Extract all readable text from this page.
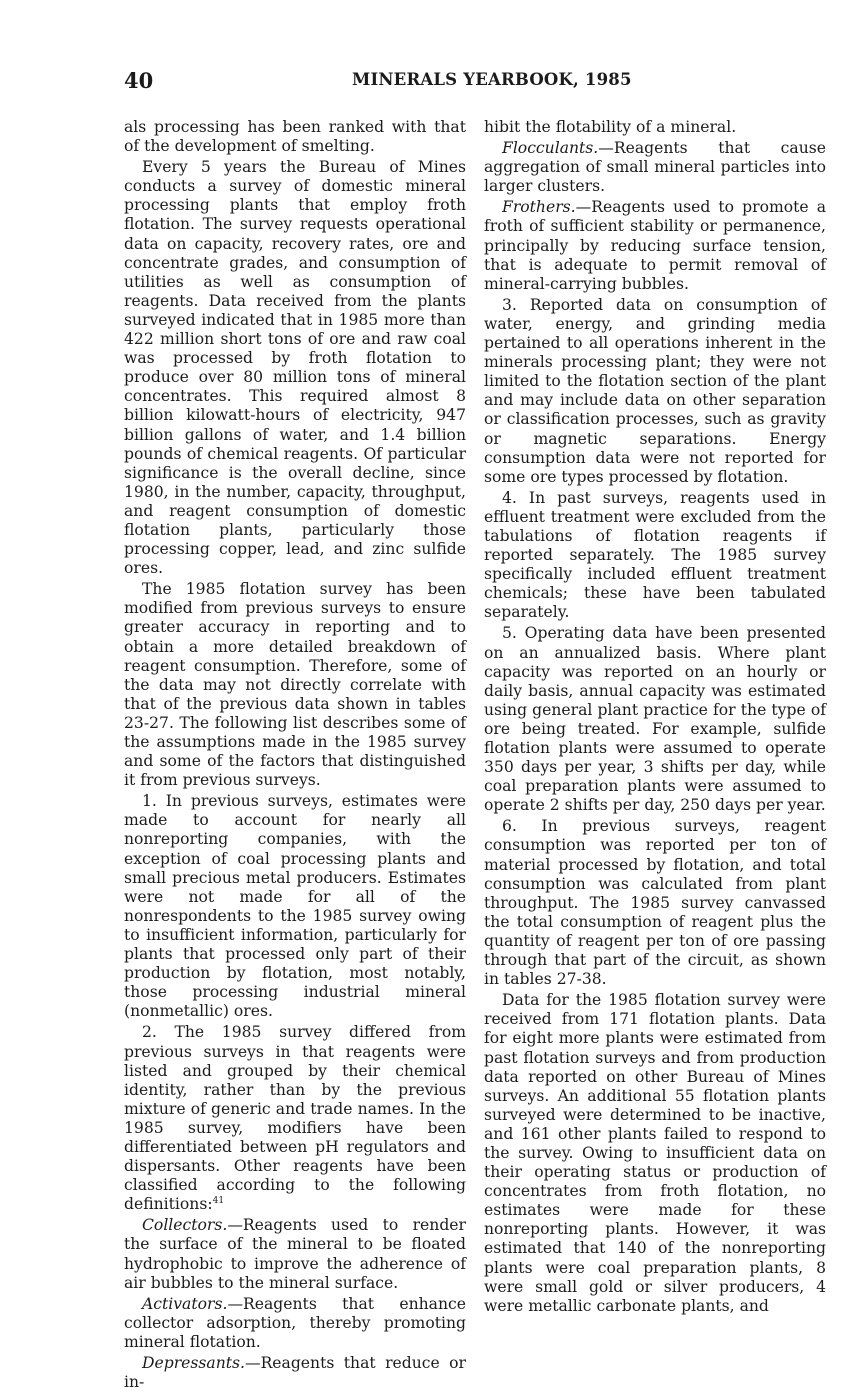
40	MINERALS YEARBOOK, 1985

als processing has been ranked with that of the development of smelting.

Every 5 years the Bureau of Mines conducts a survey of domestic mineral processing plants that employ froth flotation. The survey requests operational data on capacity, recovery rates, ore and concentrate grades, and consumption of utilities as well as consumption of reagents. Data received from the plants surveyed indicated that in 1985 more than 422 million short tons of ore and raw coal was processed by froth flotation to produce over 80 million tons of mineral concentrates. This required almost 8 billion kilowatt-hours of electricity, 947 billion gallons of water, and 1.4 billion pounds of chemical reagents. Of particular significance is the overall decline, since 1980, in the number, capacity, throughput, and reagent consumption of domestic flotation plants, particularly those processing copper, lead, and zinc sulfide ores.

The 1985 flotation survey has been modified from previous surveys to ensure greater accuracy in reporting and to obtain a more detailed breakdown of reagent consumption. Therefore, some of the data may not directly correlate with that of the previous data shown in tables 23-27. The following list describes some of the assumptions made in the 1985 survey and some of the factors that distinguished it from previous surveys.

1. In previous surveys, estimates were made to account for nearly all nonreporting companies, with the exception of coal processing plants and small precious metal producers. Estimates were not made for all of the nonrespondents to the 1985 survey owing to insufficient information, particularly for plants that processed only part of their production by flotation, most notably, those processing industrial mineral (nonmetallic) ores.

2. The 1985 survey differed from previous surveys in that reagents were listed and grouped by their chemical identity, rather than by the previous mixture of generic and trade names. In the 1985 survey, modifiers have been differentiated between pH regulators and dispersants. Other reagents have been classified according to the following definitions:$^{41}$

Collectors.—Reagents used to render the surface of the mineral to be floated hydrophobic to improve the adherence of air bubbles to the mineral surface.

Activators.—Reagents that enhance collector adsorption, thereby promoting mineral flotation.

Depressants.—Reagents that reduce or in-

hibit the flotability of a mineral.

Flocculants.—Reagents that cause aggregation of small mineral particles into larger clusters.

Frothers.—Reagents used to promote a froth of sufficient stability or permanence, principally by reducing surface tension, that is adequate to permit removal of mineral-carrying bubbles.

3. Reported data on consumption of water, energy, and grinding media pertained to all operations inherent in the minerals processing plant; they were not limited to the flotation section of the plant and may include data on other separation or classification processes, such as gravity or magnetic separations. Energy consumption data were not reported for some ore types processed by flotation.

4. In past surveys, reagents used in effluent treatment were excluded from the tabulations of flotation reagents if reported separately. The 1985 survey specifically included effluent treatment chemicals; these have been tabulated separately.

5. Operating data have been presented on an annualized basis. Where plant capacity was reported on an hourly or daily basis, annual capacity was estimated using general plant practice for the type of ore being treated. For example, sulfide flotation plants were assumed to operate 350 days per year, 3 shifts per day, while coal preparation plants were assumed to operate 2 shifts per day, 250 days per year.

6. In previous surveys, reagent consumption was reported per ton of material processed by flotation, and total consumption was calculated from plant throughput. The 1985 survey canvassed the total consumption of reagent plus the quantity of reagent per ton of ore passing through that part of the circuit, as shown in tables 27-38.

Data for the 1985 flotation survey were received from 171 flotation plants. Data for eight more plants were estimated from past flotation surveys and from production data reported on other Bureau of Mines surveys. An additional 55 flotation plants surveyed were determined to be inactive, and 161 other plants failed to respond to the survey. Owing to insufficient data on their operating status or production of concentrates from froth flotation, no estimates were made for these nonreporting plants. However, it was estimated that 140 of the nonreporting plants were coal preparation plants, 8 were small gold or silver producers, 4 were metallic carbonate plants, and
